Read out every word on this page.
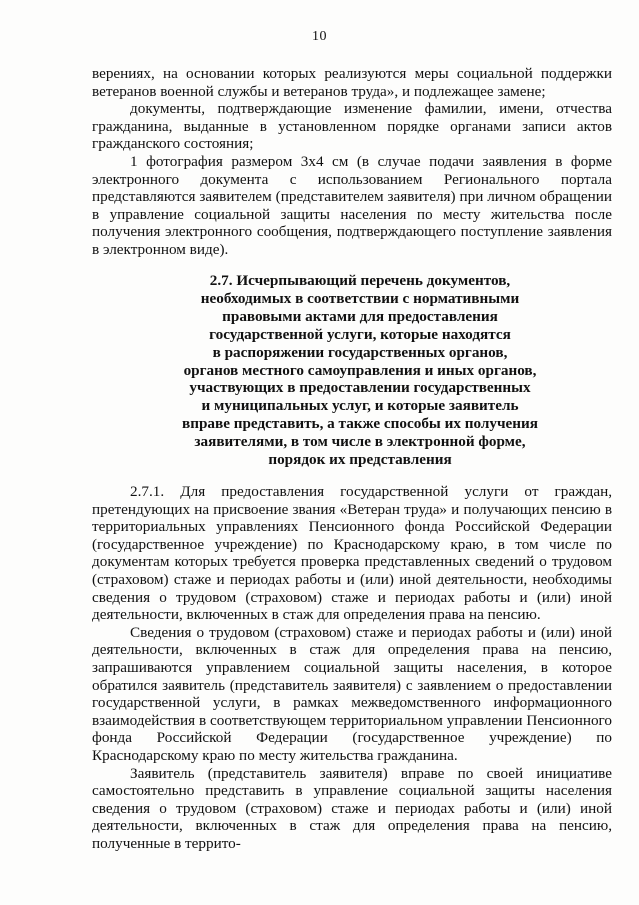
10

верениях, на основании которых реализуются меры социальной поддержки ветеранов военной службы и ветеранов труда», и подлежащее замене;

документы, подтверждающие изменение фамилии, имени, отчества гражданина, выданные в установленном порядке органами записи актов гражданского состояния;

1 фотография размером 3х4 см (в случае подачи заявления в форме электронного документа с использованием Регионального портала представляются заявителем (представителем заявителя) при личном обращении в управление социальной защиты населения по месту жительства после получения электронного сообщения, подтверждающего поступление заявления в электронном виде).

2.7. Исчерпывающий перечень документов,
необходимых в соответствии с нормативными
правовыми актами для предоставления
государственной услуги, которые находятся
в распоряжении государственных органов,
органов местного самоуправления и иных органов,
участвующих в предоставлении государственных
и муниципальных услуг, и которые заявитель
вправе представить, а также способы их получения
заявителями, в том числе в электронной форме,
порядок их представления

2.7.1. Для предоставления государственной услуги от граждан, претендующих на присвоение звания «Ветеран труда» и получающих пенсию в территориальных управлениях Пенсионного фонда Российской Федерации (государственное учреждение) по Краснодарскому краю, в том числе по документам которых требуется проверка представленных сведений о трудовом (страховом) стаже и периодах работы и (или) иной деятельности, необходимы сведения о трудовом (страховом) стаже и периодах работы и (или) иной деятельности, включенных в стаж для определения права на пенсию.

Сведения о трудовом (страховом) стаже и периодах работы и (или) иной деятельности, включенных в стаж для определения права на пенсию, запрашиваются управлением социальной защиты населения, в которое обратился заявитель (представитель заявителя) с заявлением о предоставлении государственной услуги, в рамках межведомственного информационного взаимодействия в соответствующем территориальном управлении Пенсионного фонда Российской Федерации (государственное учреждение) по Краснодарскому краю по месту жительства гражданина.

Заявитель (представитель заявителя) вправе по своей инициативе самостоятельно представить в управление социальной защиты населения сведения о трудовом (страховом) стаже и периодах работы и (или) иной деятельности, включенных в стаж для определения права на пенсию, полученные в террито-
